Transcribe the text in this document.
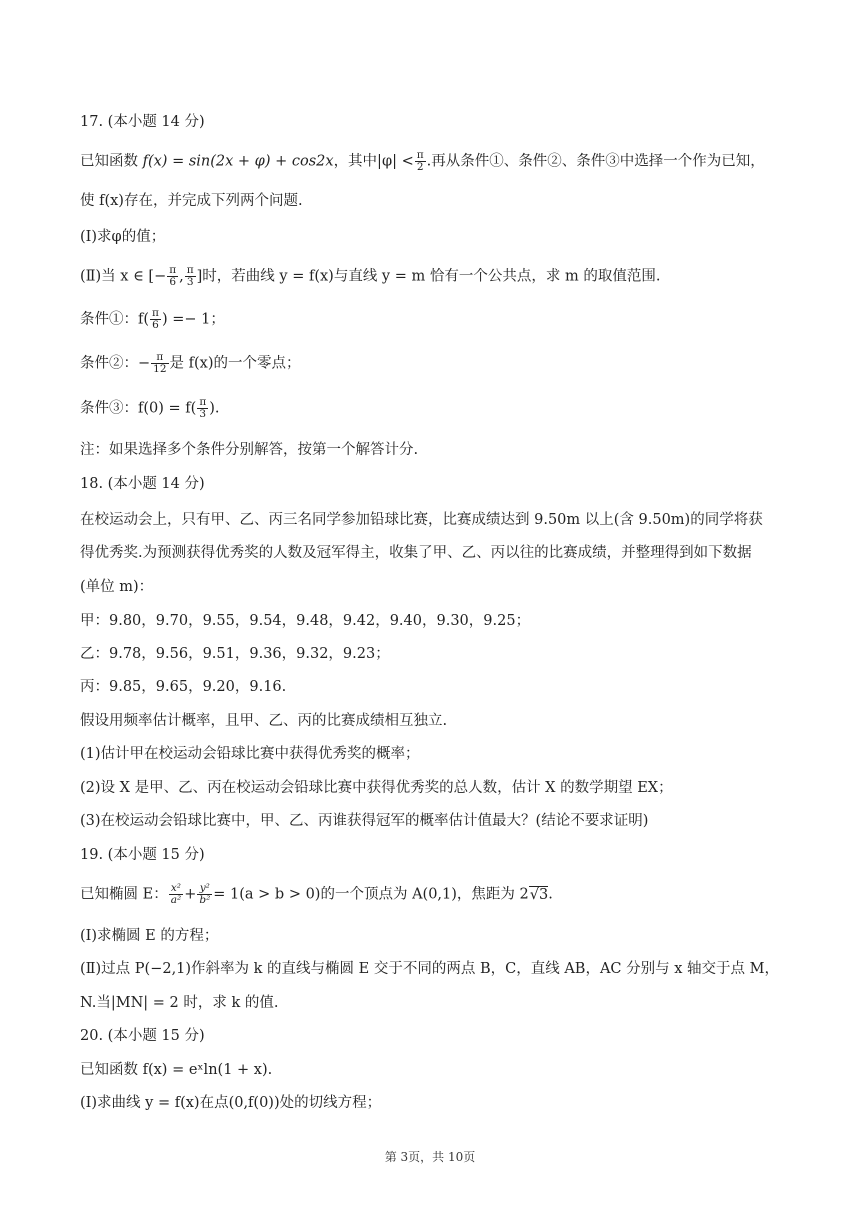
17. (本小题 14 分)
已知函数 f(x) = sin(2x + φ) + cos2x，其中$|\varphi| < \frac{\pi}{2}$ .再从条件①、条件②、条件③中选择一个作为已知，
使 f(x)存在，并完成下列两个问题.
(Ⅰ)求φ的值；
(Ⅱ)当 x ∈ [− $\frac{\pi}{6}$ , $\frac{\pi}{3}$ ]时，若曲线 y = f(x)与直线 y = m 恰有一个公共点，求 m 的取值范围.
条件①：$f( \frac{\pi}{6}$ ) =− 1；
条件②：− $\frac{\pi}{12}$ 是 f(x)的一个零点；
条件③：$f(0) = f( \frac{\pi}{3}$ ).
注：如果选择多个条件分别解答，按第一个解答计分.
18. (本小题 14 分)
在校运动会上，只有甲、乙、丙三名同学参加铅球比赛，比赛成绩达到 9.50m 以上(含 9.50m)的同学将获
得优秀奖.为预测获得优秀奖的人数及冠军得主，收集了甲、乙、丙以往的比赛成绩，并整理得到如下数据
(单位 m)：
甲：9.80，9.70，9.55，9.54，9.48，9.42，9.40，9.30，9.25；
乙：9.78，9.56，9.51，9.36，9.32，9.23；
丙：9.85，9.65，9.20，9.16.
假设用频率估计概率，且甲、乙、丙的比赛成绩相互独立.
(1)估计甲在校运动会铅球比赛中获得优秀奖的概率；
(2)设 X 是甲、乙、丙在校运动会铅球比赛中获得优秀奖的总人数，估计 X 的数学期望 EX；
(3)在校运动会铅球比赛中，甲、乙、丙谁获得冠军的概率估计值最大？(结论不要求证明)
19. (本小题 15 分)
已知椭圆 E： $\frac{\text{x²}}{\text{a²}} + \frac{\text{y²}}{\text{b²}} = 1(a > b > 0)$的一个顶点为 A(0,1)，焦距为 2√3.
(Ⅰ)求椭圆 E 的方程；
(Ⅱ)过点 P(−2,1)作斜率为 k 的直线与椭圆 E 交于不同的两点 B，C，直线 AB，AC 分别与 x 轴交于点 M，
N.当|MN| = 2 时，求 k 的值.
20. (本小题 15 分)
已知函数 f(x) = eˣln(1 + x).
(Ⅰ)求曲线 y = f(x)在点(0,f(0))处的切线方程；
第 3页，共 10页
